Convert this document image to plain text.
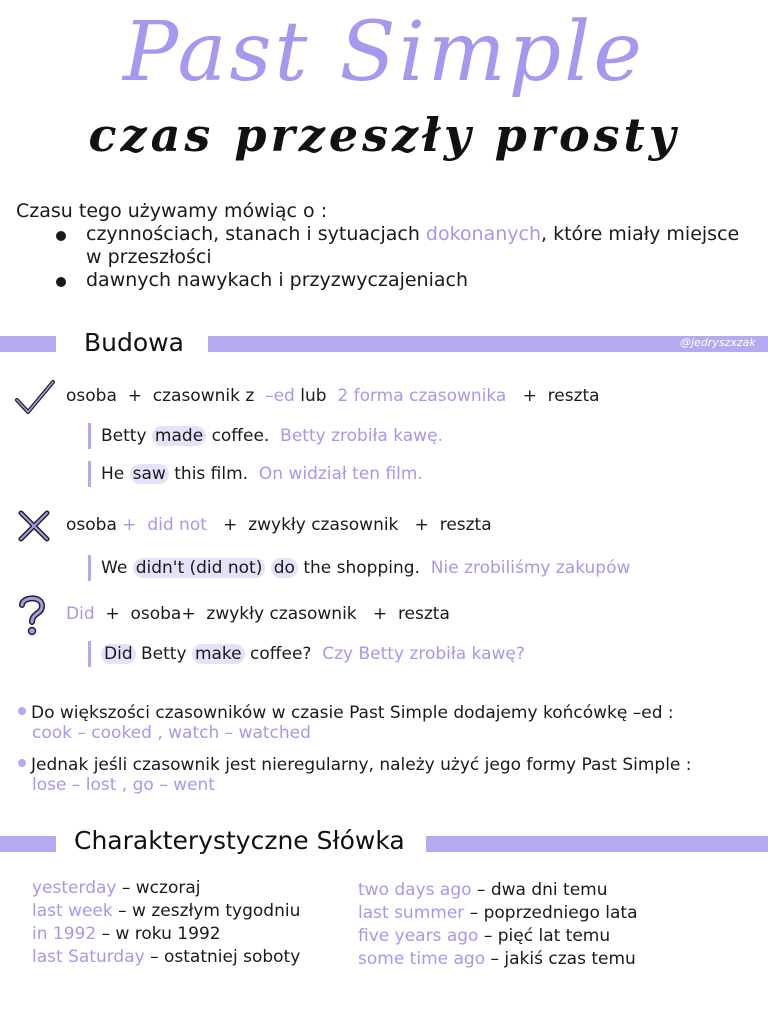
Past Simple
czas przeszły prosty
Czasu tego używamy mówiąc o :
czynnościach, stanach i sytuacjach dokonanych, które miały miejsce w przeszłości
dawnych nawykach i przyzwyczajeniach
Budowa	@jedryszxzak
osoba + czasownik z –ed lub 2 forma czasownika + reszta
Betty made coffee. Betty zrobiła kawę.
He saw this film. On widział ten film.
osoba + did not + zwykły czasownik + reszta
We didn't (did not) do the shopping. Nie zrobiliśmy zakupów
Did + osoba+ zwykły czasownik + reszta
Did Betty make coffee? Czy Betty zrobiła kawę?
Do większości czasowników w czasie Past Simple dodajemy końcówkę –ed :
cook – cooked , watch – watched
Jednak jeśli czasownik jest nieregularny, należy użyć jego formy Past Simple :
lose – lost , go – went
Charakterystyczne Słówka
yesterday – wczoraj
last week – w zeszłym tygodniu
in 1992 – w roku 1992
last Saturday – ostatniej soboty
two days ago – dwa dni temu
last summer – poprzedniego lata
five years ago – pięć lat temu
some time ago – jakiś czas temu
